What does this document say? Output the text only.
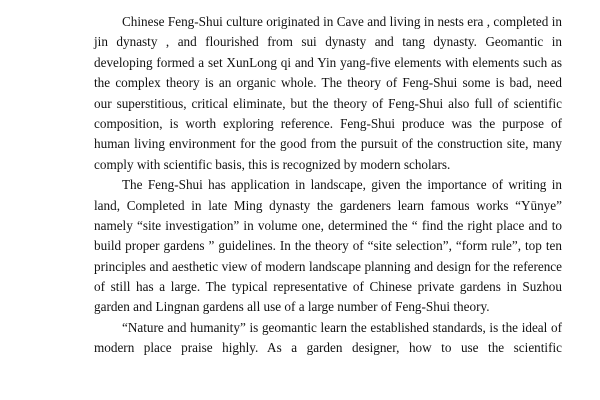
Chinese Feng-Shui culture originated in Cave and living in nests era , completed in
jin dynasty , and flourished from sui dynasty and tang dynasty. Geomantic in
developing formed a set XunLong qi and Yin yang-five elements with elements such as
the complex theory is an organic whole. The theory of Feng-Shui some is bad, need
our superstitious, critical eliminate, but the theory of Feng-Shui also full of scientific
composition, is worth exploring reference. Feng-Shui produce was the purpose of
human living environment for the good from the pursuit of the construction site, many
comply with scientific basis, this is recognized by modern scholars.
The Feng-Shui has application in landscape, given the importance of writing in
land, Completed in late Ming dynasty the gardeners learn famous works “Yūnye”
namely “site investigation” in volume one, determined the “ find the right place and to
build proper gardens ” guidelines. In the theory of “site selection”, “form rule”, top ten
principles and aesthetic view of modern landscape planning and design for the reference
of still has a large. The typical representative of Chinese private gardens in Suzhou
garden and Lingnan gardens all use of a large number of Feng-Shui theory.
“Nature and humanity” is geomantic learn the established standards, is the ideal of
modern place praise highly. As a garden designer, how to use the scientific
